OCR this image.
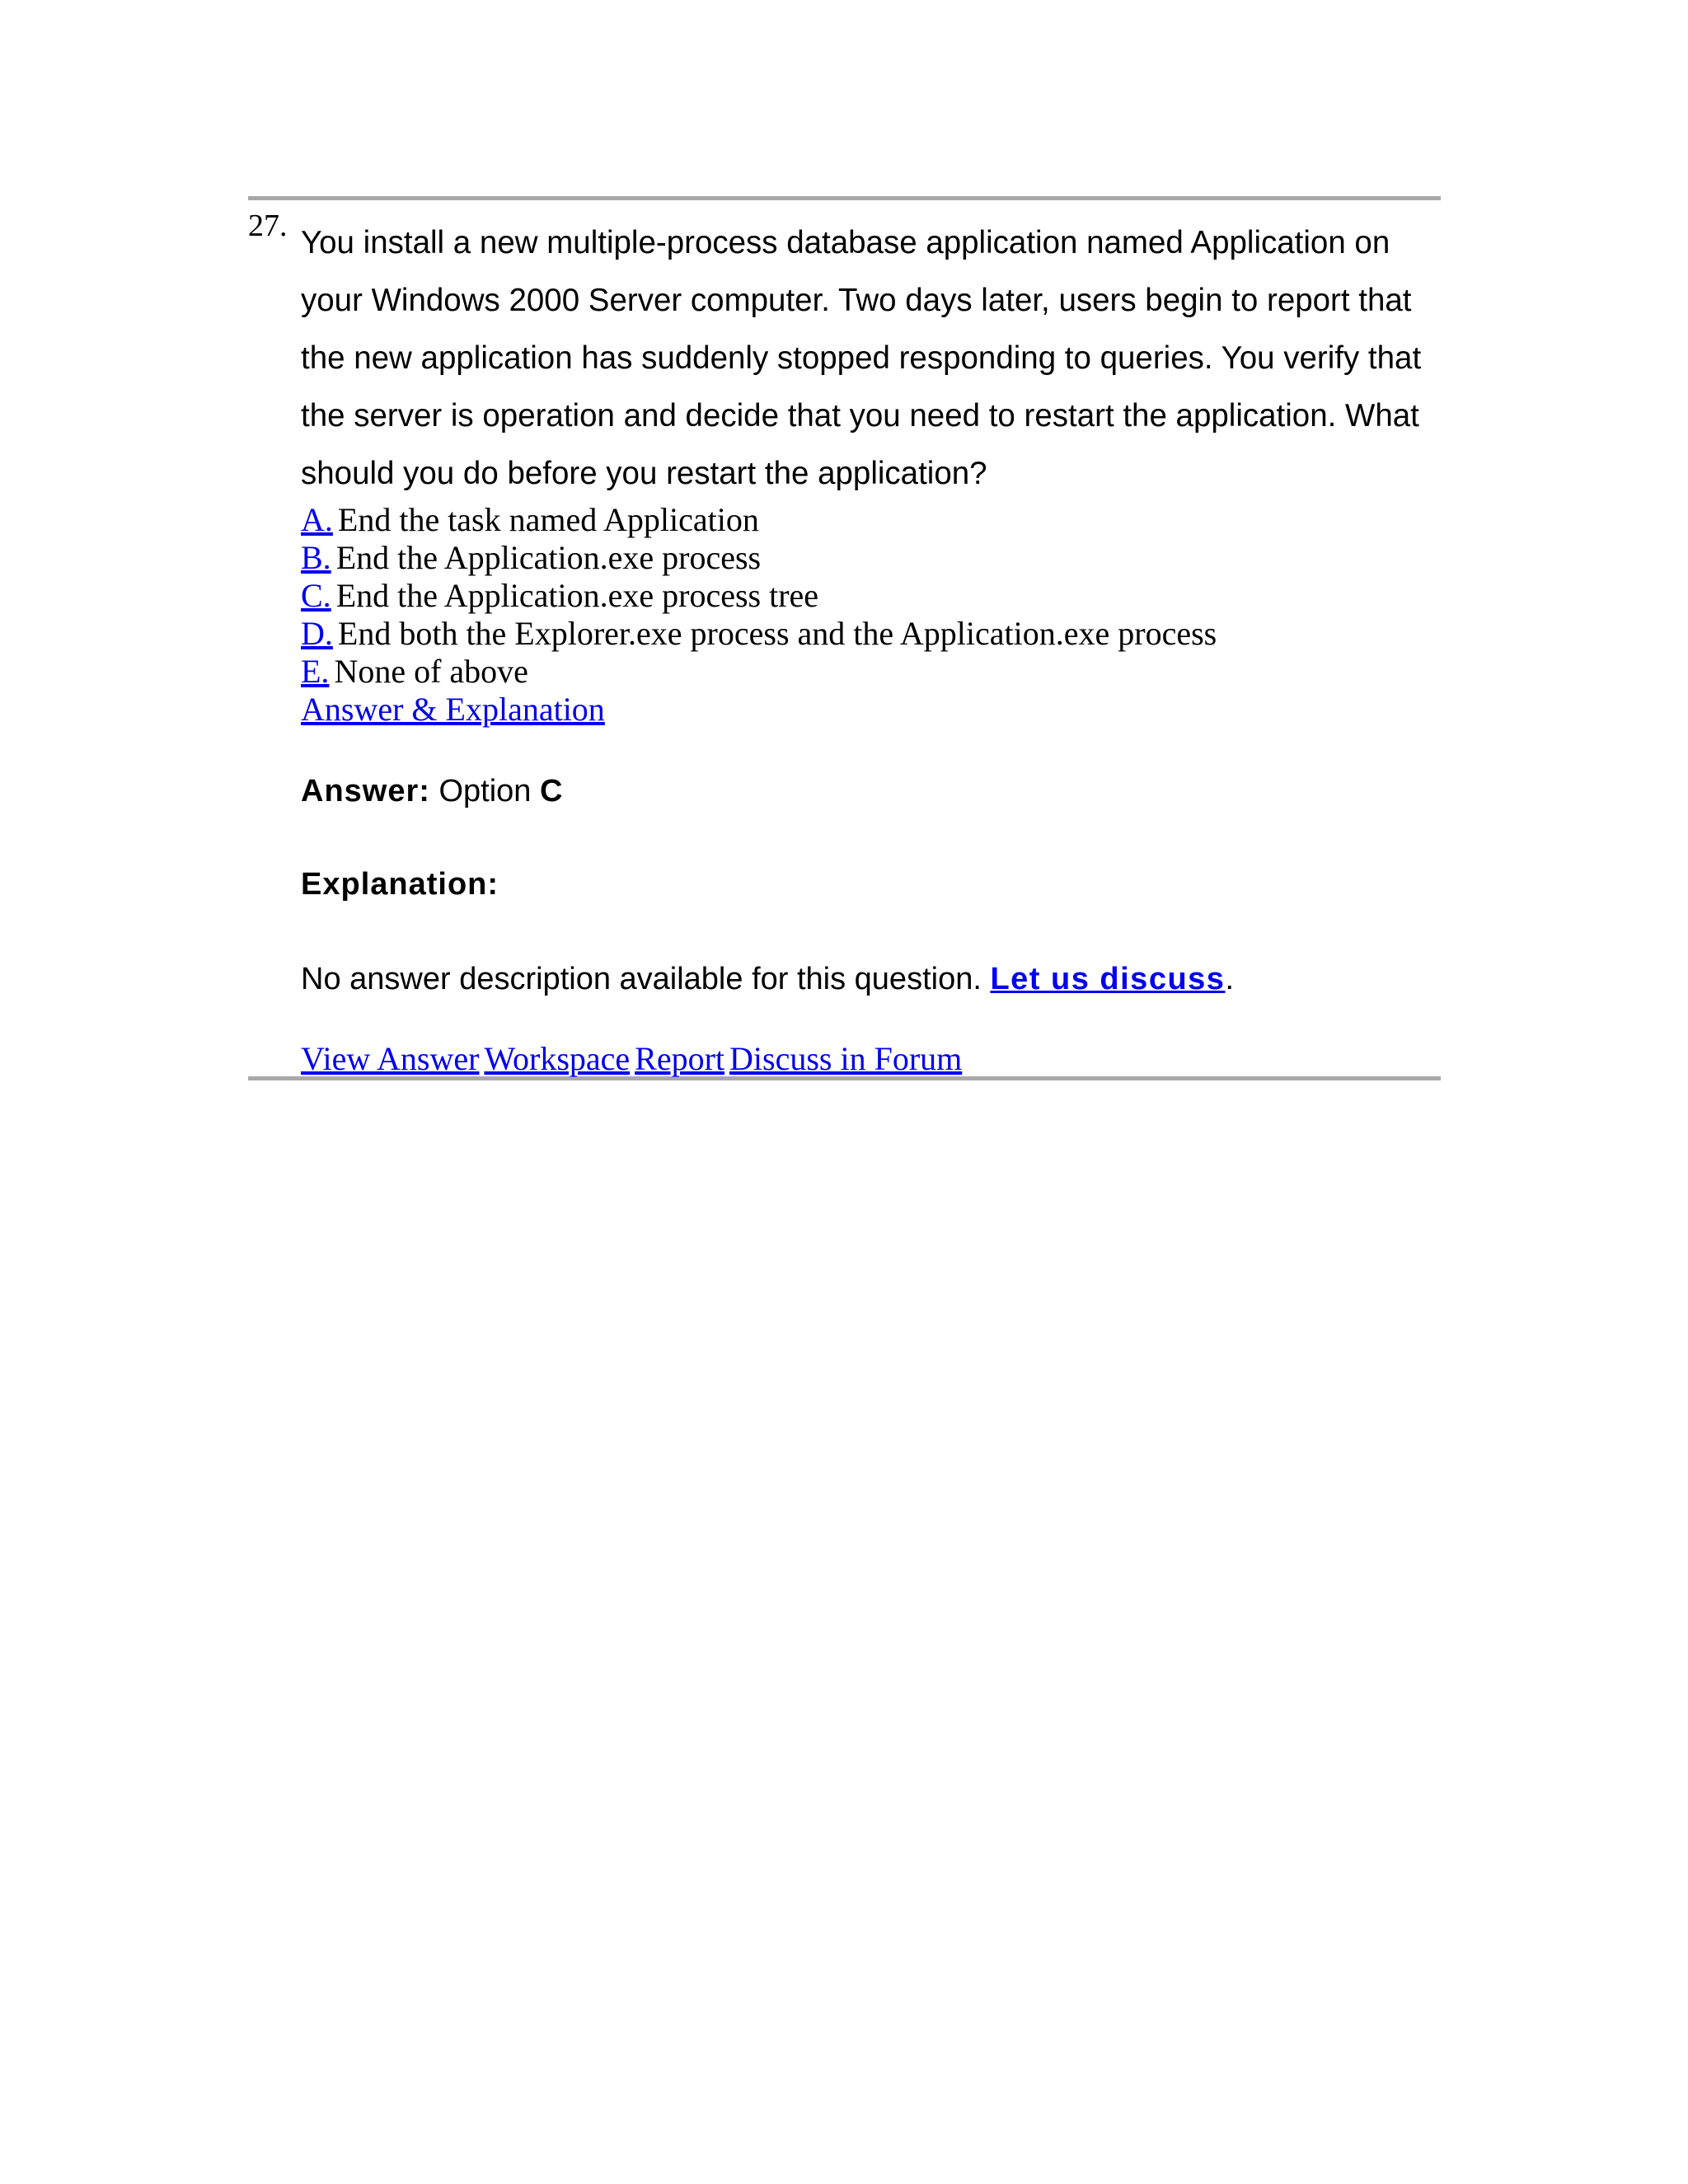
27. You install a new multiple-process database application named Application on your Windows 2000 Server computer. Two days later, users begin to report that the new application has suddenly stopped responding to queries. You verify that the server is operation and decide that you need to restart the application. What should you do before you restart the application?
A. End the task named Application
B. End the Application.exe process
C. End the Application.exe process tree
D. End both the Explorer.exe process and the Application.exe process
E. None of above
Answer & Explanation
Answer: Option C
Explanation:
No answer description available for this question. Let us discuss.
View Answer Workspace Report Discuss in Forum
